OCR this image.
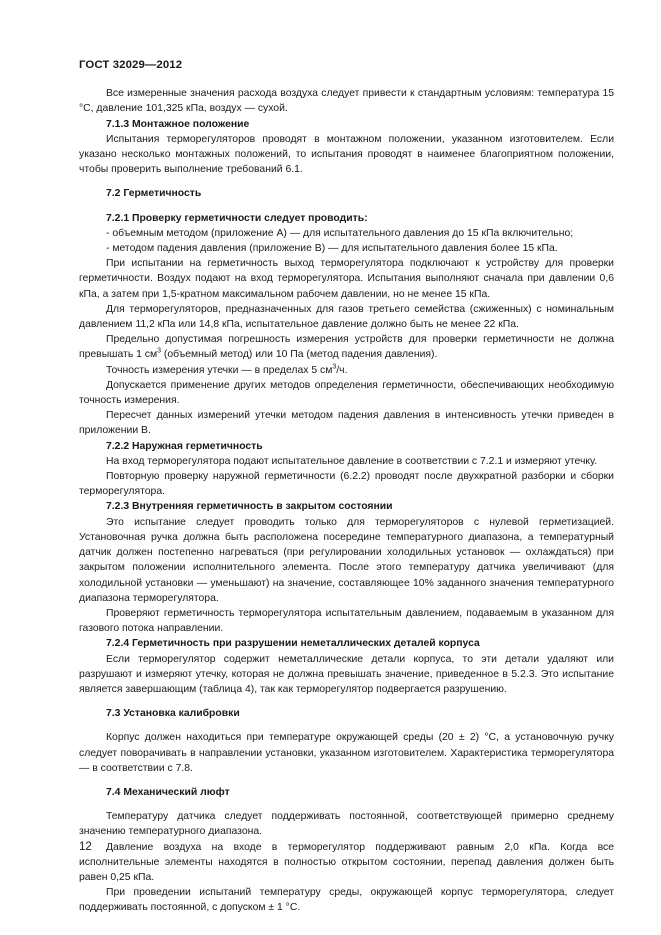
ГОСТ 32029—2012

Все измеренные значения расхода воздуха следует привести к стандартным условиям: температура 15 °С, давление 101,325 кПа, воздух — сухой.

7.1.3 Монтажное положение

Испытания терморегуляторов проводят в монтажном положении, указанном изготовителем. Если указано несколько монтажных положений, то испытания проводят в наименее благоприятном положении, чтобы проверить выполнение требований 6.1.

7.2 Герметичность

7.2.1 Проверку герметичности следует проводить:

- объемным методом (приложение А) — для испытательного давления до 15 кПа включительно;

- методом падения давления (приложение В) — для испытательного давления более 15 кПа.

При испытании на герметичность выход терморегулятора подключают к устройству для проверки герметичности. Воздух подают на вход терморегулятора. Испытания выполняют сначала при давлении 0,6 кПа, а затем при 1,5-кратном максимальном рабочем давлении, но не менее 15 кПа.

Для терморегуляторов, предназначенных для газов третьего семейства (сжиженных) с номинальным давлением 11,2 кПа или 14,8 кПа, испытательное давление должно быть не менее 22 кПа.

Предельно допустимая погрешность измерения устройств для проверки герметичности не должна превышать 1 $см^3$ (объемный метод) или 10 Па (метод падения давления).

Точность измерения утечки — в пределах 5 $см^3/ч$.

Допускается применение других методов определения герметичности, обеспечивающих необходимую точность измерения.

Пересчет данных измерений утечки методом падения давления в интенсивность утечки приведен в приложении В.

7.2.2 Наружная герметичность

На вход терморегулятора подают испытательное давление в соответствии с 7.2.1 и измеряют утечку.

Повторную проверку наружной герметичности (6.2.2) проводят после двухкратной разборки и сборки терморегулятора.

7.2.3 Внутренняя герметичность в закрытом состоянии

Это испытание следует проводить только для терморегуляторов с нулевой герметизацией. Установочная ручка должна быть расположена посередине температурного диапазона, а температурный датчик должен постепенно нагреваться (при регулировании холодильных установок — охлаждаться) при закрытом положении исполнительного элемента. После этого температуру датчика увеличивают (для холодильной установки — уменьшают) на значение, составляющее 10% заданного значения температурного диапазона терморегулятора.

Проверяют герметичность терморегулятора испытательным давлением, подаваемым в указанном для газового потока направлении.

7.2.4 Герметичность при разрушении неметаллических деталей корпуса

Если терморегулятор содержит неметаллические детали корпуса, то эти детали удаляют или разрушают и измеряют утечку, которая не должна превышать значение, приведенное в 5.2.3. Это испытание является завершающим (таблица 4), так как терморегулятор подвергается разрушению.

7.3 Установка калибровки

Корпус должен находиться при температуре окружающей среды (20 ± 2) °С, а установочную ручку следует поворачивать в направлении установки, указанном изготовителем. Характеристика терморегулятора — в соответствии с 7.8.

7.4 Механический люфт

Температуру датчика следует поддерживать постоянной, соответствующей примерно среднему значению температурного диапазона.

Давление воздуха на входе в терморегулятор поддерживают равным 2,0 кПа. Когда все исполнительные элементы находятся в полностью открытом состоянии, перепад давления должен быть равен 0,25 кПа.

При проведении испытаний температуру среды, окружающей корпус терморегулятора, следует поддерживать постоянной, с допуском ± 1 °С.

12
